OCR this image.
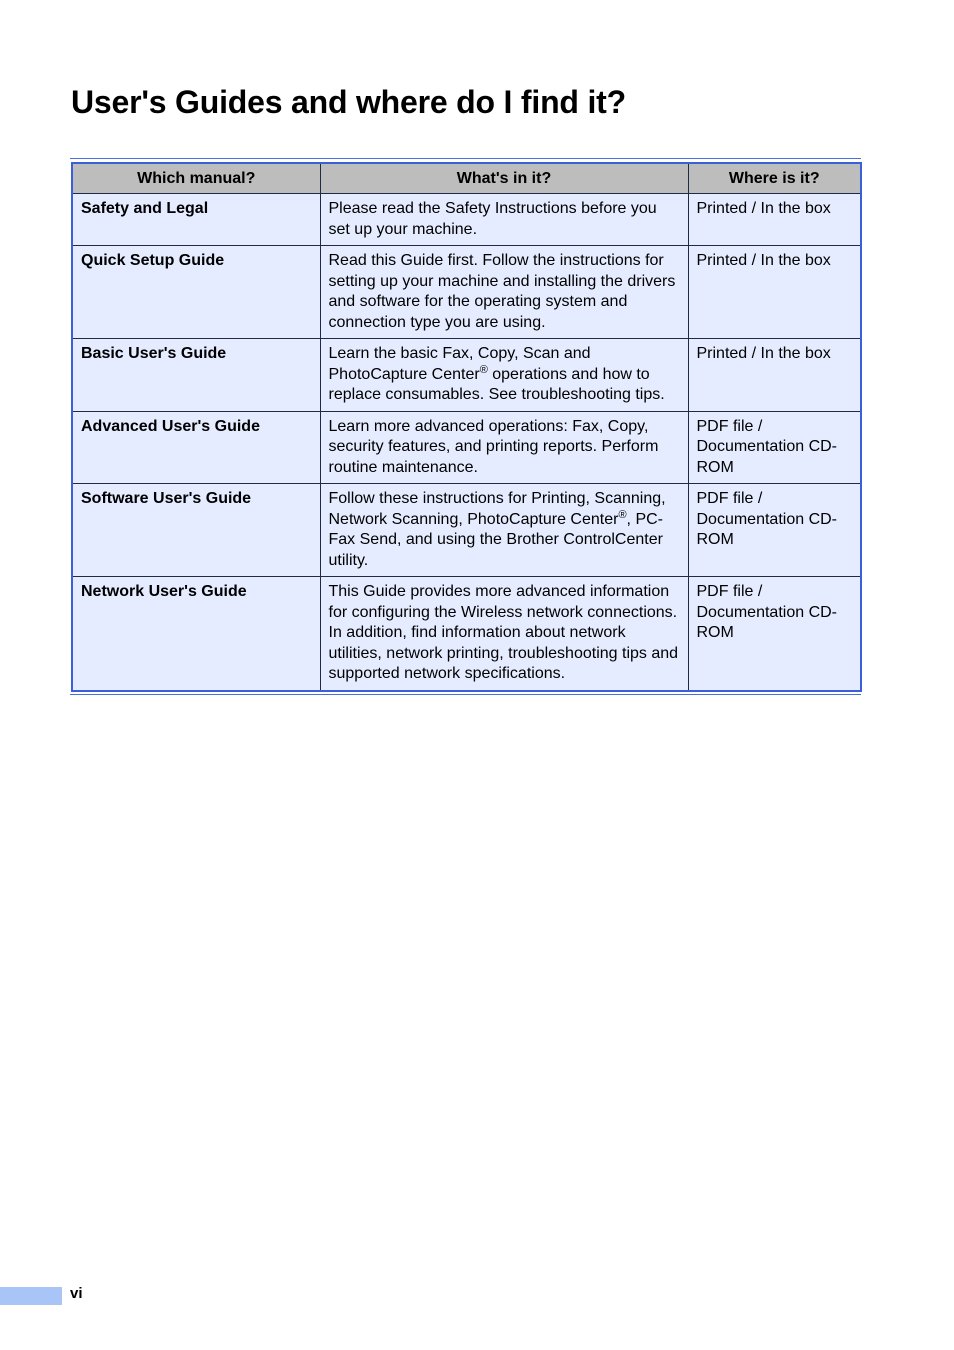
User's Guides and where do I find it?
Which manual?	What's in it?	Where is it?
Safety and Legal	Please read the Safety Instructions before you set up your machine.	Printed / In the box
Quick Setup Guide	Read this Guide first. Follow the instructions for setting up your machine and installing the drivers and software for the operating system and connection type you are using.	Printed / In the box
Basic User's Guide	Learn the basic Fax, Copy, Scan and PhotoCapture Center® operations and how to replace consumables. See troubleshooting tips.	Printed / In the box
Advanced User's Guide	Learn more advanced operations: Fax, Copy, security features, and printing reports. Perform routine maintenance.	PDF file / Documentation CD-ROM
Software User's Guide	Follow these instructions for Printing, Scanning, Network Scanning, PhotoCapture Center®, PC-Fax Send, and using the Brother ControlCenter utility.	PDF file / Documentation CD-ROM
Network User's Guide	This Guide provides more advanced information for configuring the Wireless network connections. In addition, find information about network utilities, network printing, troubleshooting tips and supported network specifications.	PDF file / Documentation CD-ROM
vi
